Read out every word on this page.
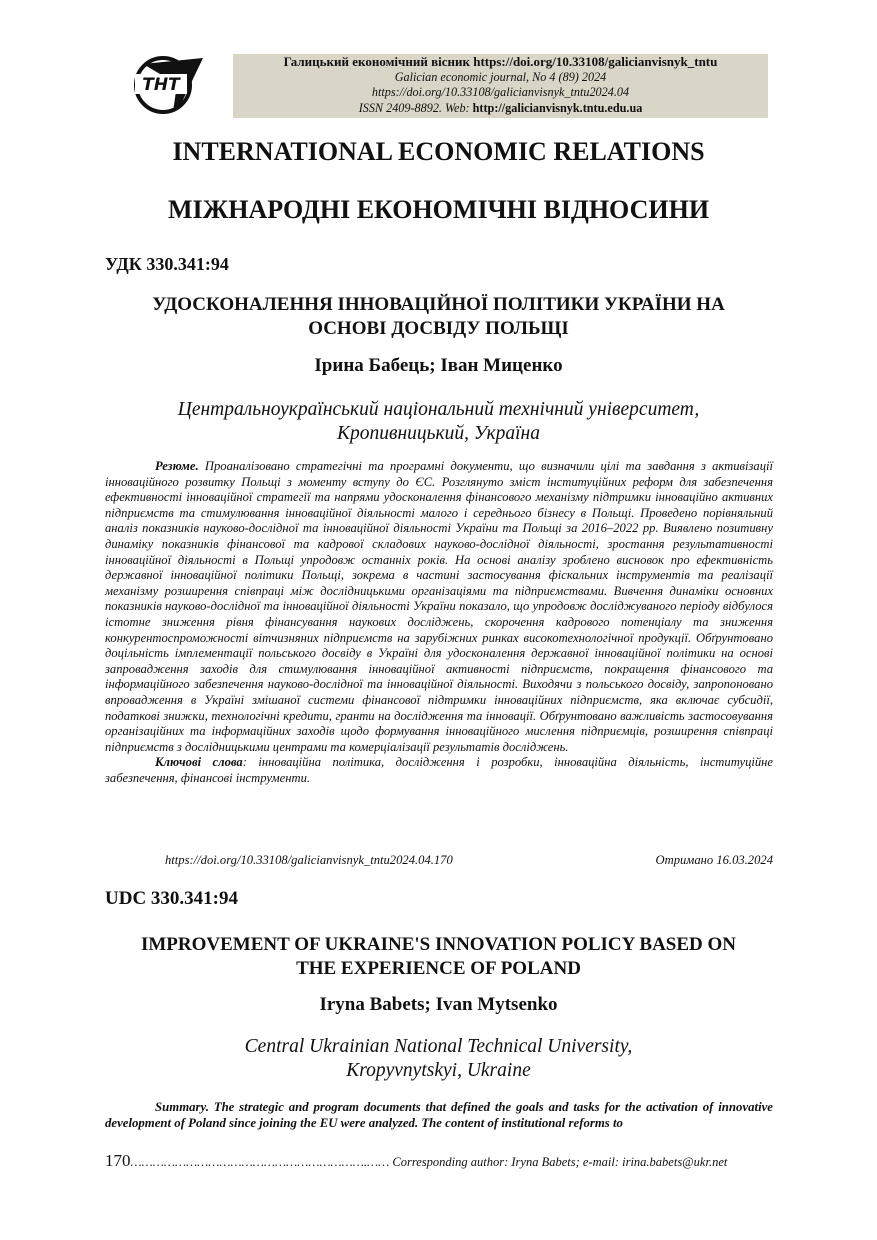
ТНТ
Галицький економічний вісник https://doi.org/10.33108/galicianvisnyk_tntu
Galician economic journal, No 4 (89) 2024
https://doi.org/10.33108/galicianvisnyk_tntu2024.04
ISSN 2409-8892. Web: http://galicianvisnyk.tntu.edu.ua
INTERNATIONAL ECONOMIC RELATIONS
МІЖНАРОДНІ ЕКОНОМІЧНІ ВІДНОСИНИ
УДК 330.341:94
УДОСКОНАЛЕННЯ ІННОВАЦІЙНОЇ ПОЛІТИКИ УКРАЇНИ НА
ОСНОВІ ДОСВІДУ ПОЛЬЩІ
Ірина Бабець; Іван Миценко
Центральноукраїнський національний технічний університет,
Кропивницький, Україна

Резюме. Проаналізовано стратегічні та програмні документи, що визначили цілі та завдання з активізації інноваційного розвитку Польщі з моменту вступу до ЄС. Розглянуто зміст інституційних реформ для забезпечення ефективності інноваційної стратегії та напрями удосконалення фінансового механізму підтримки інноваційно активних підприємств та стимулювання інноваційної діяльності малого і середнього бізнесу в Польщі. Проведено порівняльний аналіз показників науково-дослідної та інноваційної діяльності України та Польщі за 2016–2022 рр. Виявлено позитивну динаміку показників фінансової та кадрової складових науково-дослідної діяльності, зростання результативності інноваційної діяльності в Польщі упродовж останніх років. На основі аналізу зроблено висновок про ефективність державної інноваційної політики Польщі, зокрема в частині застосування фіскальних інструментів та реалізації механізму розширення співпраці між дослідницькими організаціями та підприємствами. Вивчення динаміки основних показників науково-дослідної та інноваційної діяльності України показало, що упродовж досліджуваного періоду відбулося істотне зниження рівня фінансування наукових досліджень, скорочення кадрового потенціалу та зниження конкурентоспроможності вітчизняних підприємств на зарубіжних ринках високотехнологічної продукції. Обґрунтовано доцільність імплементації польського досвіду в Україні для удосконалення державної інноваційної політики на основі запровадження заходів для стимулювання інноваційної активності підприємств, покращення фінансового та інформаційного забезпечення науково-дослідної та інноваційної діяльності. Виходячи з польського досвіду, запропоновано впровадження в Україні змішаної системи фінансової підтримки інноваційних підприємств, яка включає субсидії, податкові знижки, технологічні кредити, гранти на дослідження та інновації. Обґрунтовано важливість застосовування організаційних та інформаційних заходів щодо формування інноваційного мислення підприємців, розширення співпраці підприємств з дослідницькими центрами та комерціалізації результатів досліджень.

Ключові слова: інноваційна політика, дослідження і розробки, інноваційна діяльність, інституційне забезпечення, фінансові інструменти.

https://doi.org/10.33108/galicianvisnyk_tntu2024.04.170	Отримано 16.03.2024
UDC 330.341:94
IMPROVEMENT OF UKRAINE'S INNOVATION POLICY BASED ON
THE EXPERIENCE OF POLAND
Iryna Babets; Ivan Mytsenko
Central Ukrainian National Technical University,
Kropyvnytskyi, Ukraine

Summary. The strategic and program documents that defined the goals and tasks for the activation of innovative development of Poland since joining the EU were analyzed. The content of institutional reforms to

170……………………………………………………….…… Corresponding author: Iryna Babets; e-mail: irina.babets@ukr.net
